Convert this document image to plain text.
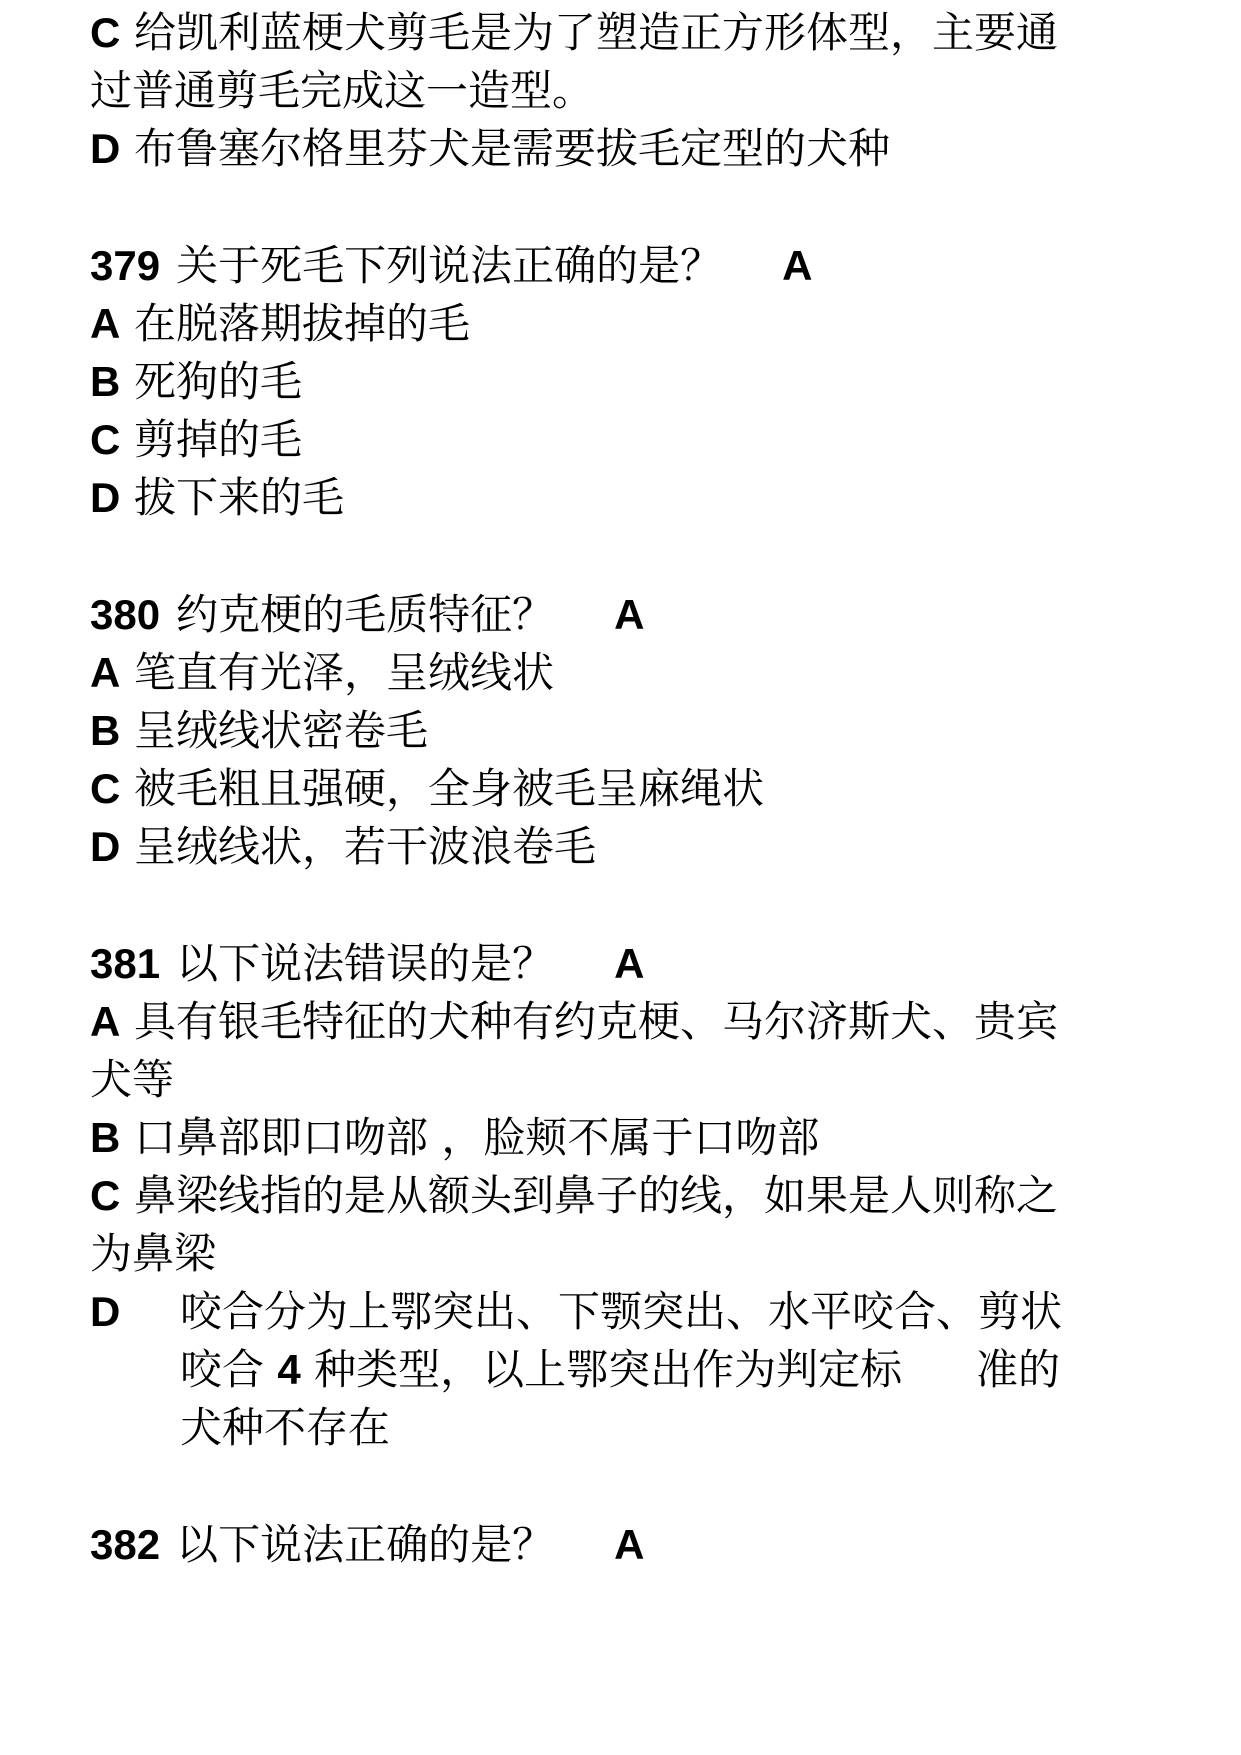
C 给凯利蓝梗犬剪毛是为了塑造正方形体型，主要通
过普通剪毛完成这一造型。
D 布鲁塞尔格里芬犬是需要拔毛定型的犬种
379 关于死毛下列说法正确的是？ A
A 在脱落期拔掉的毛
B 死狗的毛
C 剪掉的毛
D 拔下来的毛
380 约克梗的毛质特征？ A
A 笔直有光泽，呈绒线状
B 呈绒线状密卷毛
C 被毛粗且强硬，全身被毛呈麻绳状
D 呈绒线状，若干波浪卷毛
381 以下说法错误的是？ A
A 具有银毛特征的犬种有约克梗、马尔济斯犬、贵宾
犬等
B 口鼻部即口吻部 ，脸颊不属于口吻部
C 鼻梁线指的是从额头到鼻子的线，如果是人则称之
为鼻梁
D	咬合分为上鄂突出、下颚突出、水平咬合、剪状
咬合 4 种类型，以上鄂突出作为判定标 准的
犬种不存在
382 以下说法正确的是？ A
